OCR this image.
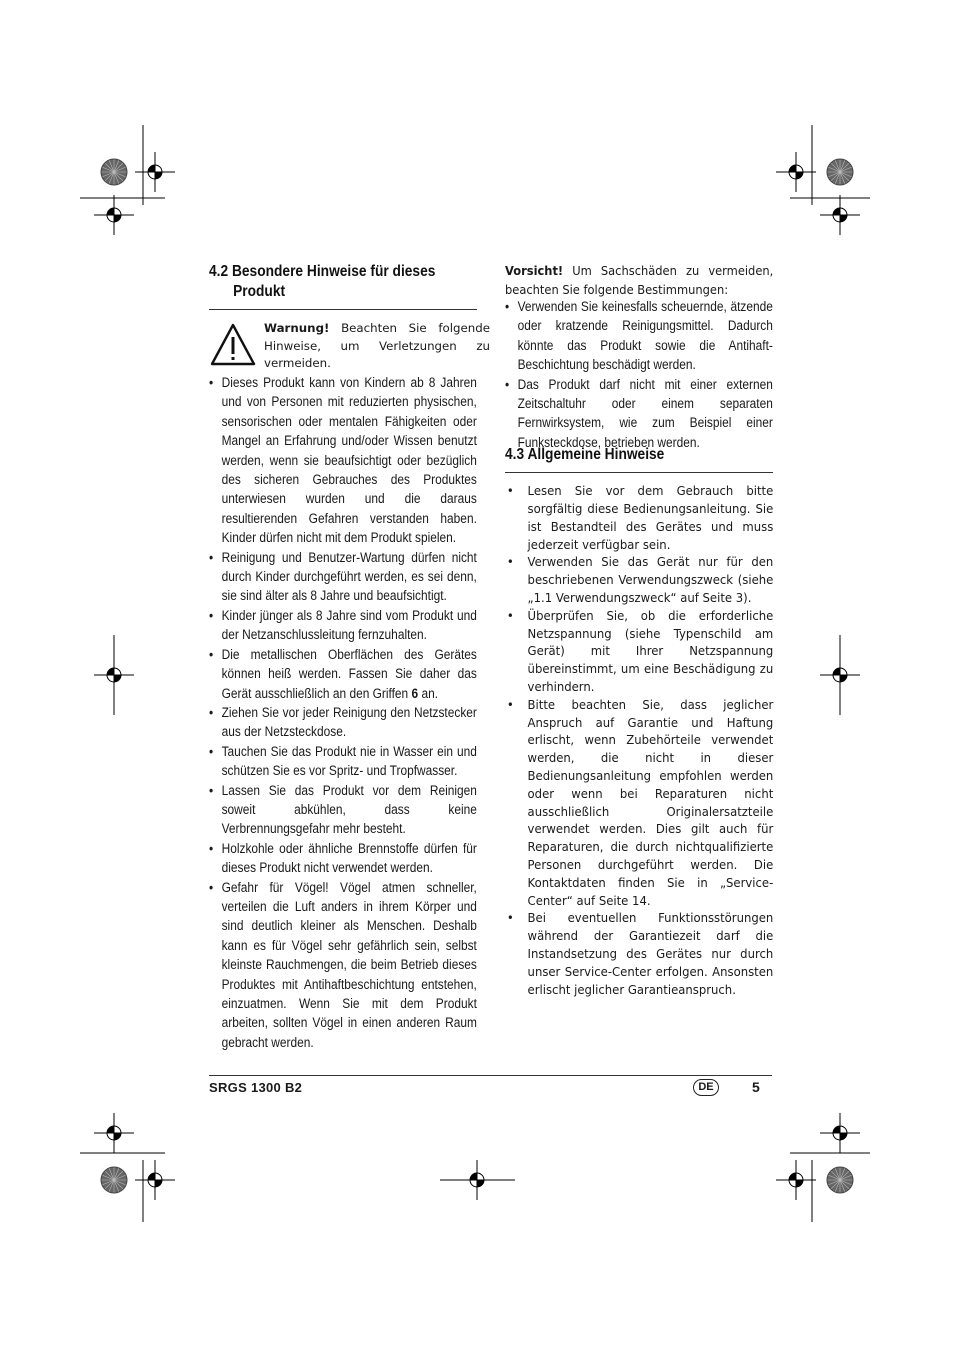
4.2 Besondere Hinweise für dieses
Produkt
Warnung! Beachten Sie folgende Hinweise, um Verletzungen zu vermeiden.
• Dieses Produkt kann von Kindern ab 8 Jahren und von Personen mit reduzierten physischen, sensorischen oder mentalen Fähigkeiten oder Mangel an Erfahrung und/oder Wissen benutzt werden, wenn sie beaufsichtigt oder bezüglich des sicheren Gebrauches des Produktes unterwiesen wurden und die daraus resultierenden Gefahren verstanden haben. Kinder dürfen nicht mit dem Produkt spielen.
• Reinigung und Benutzer-Wartung dürfen nicht durch Kinder durchgeführt werden, es sei denn, sie sind älter als 8 Jahre und beaufsichtigt.
• Kinder jünger als 8 Jahre sind vom Produkt und der Netzanschlussleitung fernzuhalten.
• Die metallischen Oberflächen des Gerätes können heiß werden. Fassen Sie daher das Gerät ausschließlich an den Griffen 6 an.
• Ziehen Sie vor jeder Reinigung den Netzstecker aus der Netzsteckdose.
• Tauchen Sie das Produkt nie in Wasser ein und schützen Sie es vor Spritz- und Tropfwasser.
• Lassen Sie das Produkt vor dem Reinigen soweit abkühlen, dass keine Verbrennungsgefahr mehr besteht.
• Holzkohle oder ähnliche Brennstoffe dürfen für dieses Produkt nicht verwendet werden.
• Gefahr für Vögel! Vögel atmen schneller, verteilen die Luft anders in ihrem Körper und sind deutlich kleiner als Menschen. Deshalb kann es für Vögel sehr gefährlich sein, selbst kleinste Rauchmengen, die beim Betrieb dieses Produktes mit Antihaftbeschichtung entstehen, einzuatmen. Wenn Sie mit dem Produkt arbeiten, sollten Vögel in einen anderen Raum gebracht werden.
Vorsicht! Um Sachschäden zu vermeiden, beachten Sie folgende Bestimmungen:
• Verwenden Sie keinesfalls scheuernde, ätzende oder kratzende Reinigungsmittel. Dadurch könnte das Produkt sowie die Antihaft-Beschichtung beschädigt werden.
• Das Produkt darf nicht mit einer externen Zeitschaltuhr oder einem separaten Fernwirksystem, wie zum Beispiel einer Funksteckdose, betrieben werden.
4.3 Allgemeine Hinweise
• Lesen Sie vor dem Gebrauch bitte sorgfältig diese Bedienungsanleitung. Sie ist Bestandteil des Gerätes und muss jederzeit verfügbar sein.
• Verwenden Sie das Gerät nur für den beschriebenen Verwendungszweck (siehe „1.1 Verwendungszweck“ auf Seite 3).
• Überprüfen Sie, ob die erforderliche Netzspannung (siehe Typenschild am Gerät) mit Ihrer Netzspannung übereinstimmt, um eine Beschädigung zu verhindern.
• Bitte beachten Sie, dass jeglicher Anspruch auf Garantie und Haftung erlischt, wenn Zubehörteile verwendet werden, die nicht in dieser Bedienungsanleitung empfohlen werden oder wenn bei Reparaturen nicht ausschließlich Originalersatzteile verwendet werden. Dies gilt auch für Reparaturen, die durch nichtqualifizierte Personen durchgeführt werden. Die Kontaktdaten finden Sie in „Service-Center“ auf Seite 14.
• Bei eventuellen Funktionsstörungen während der Garantiezeit darf die Instandsetzung des Gerätes nur durch unser Service-Center erfolgen. Ansonsten erlischt jeglicher Garantieanspruch.
SRGS 1300 B2	DE	5
